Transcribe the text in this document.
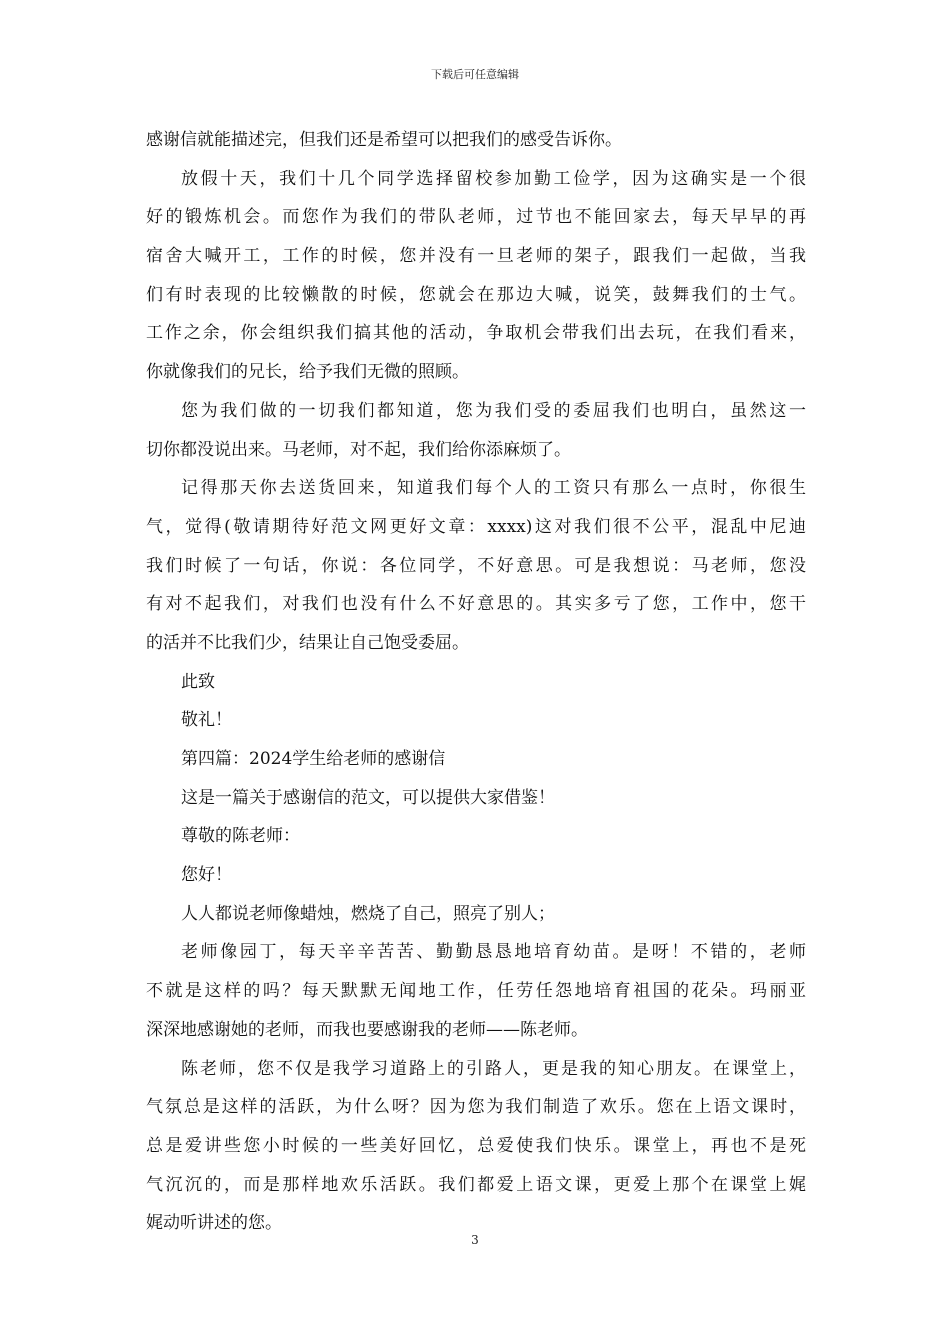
下载后可任意编辑
感谢信就能描述完，但我们还是希望可以把我们的感受告诉你。
放假十天，我们十几个同学选择留校参加勤工俭学，因为这确实是一个很
好的锻炼机会。而您作为我们的带队老师，过节也不能回家去，每天早早的再
宿舍大喊开工，工作的时候，您并没有一旦老师的架子，跟我们一起做，当我
们有时表现的比较懒散的时候，您就会在那边大喊，说笑，鼓舞我们的士气。
工作之余，你会组织我们搞其他的活动，争取机会带我们出去玩，在我们看来，
你就像我们的兄长，给予我们无微的照顾。
您为我们做的一切我们都知道，您为我们受的委屈我们也明白，虽然这一
切你都没说出来。马老师，对不起，我们给你添麻烦了。
记得那天你去送货回来，知道我们每个人的工资只有那么一点时，你很生
气，觉得(敬请期待好范文网更好文章：xxxx)这对我们很不公平，混乱中尼迪
我们时候了一句话，你说：各位同学，不好意思。可是我想说：马老师，您没
有对不起我们，对我们也没有什么不好意思的。其实多亏了您，工作中，您干
的活并不比我们少，结果让自己饱受委屈。
此致
敬礼！
第四篇：2024学生给老师的感谢信
这是一篇关于感谢信的范文，可以提供大家借鉴！
尊敬的陈老师：
您好！
人人都说老师像蜡烛，燃烧了自己，照亮了别人；
老师像园丁，每天辛辛苦苦、勤勤恳恳地培育幼苗。是呀！不错的，老师
不就是这样的吗？每天默默无闻地工作，任劳任怨地培育祖国的花朵。玛丽亚
深深地感谢她的老师，而我也要感谢我的老师——陈老师。
陈老师，您不仅是我学习道路上的引路人，更是我的知心朋友。在课堂上，
气氛总是这样的活跃，为什么呀？因为您为我们制造了欢乐。您在上语文课时，
总是爱讲些您小时候的一些美好回忆，总爱使我们快乐。课堂上，再也不是死
气沉沉的，而是那样地欢乐活跃。我们都爱上语文课，更爱上那个在课堂上娓
娓动听讲述的您。
3
